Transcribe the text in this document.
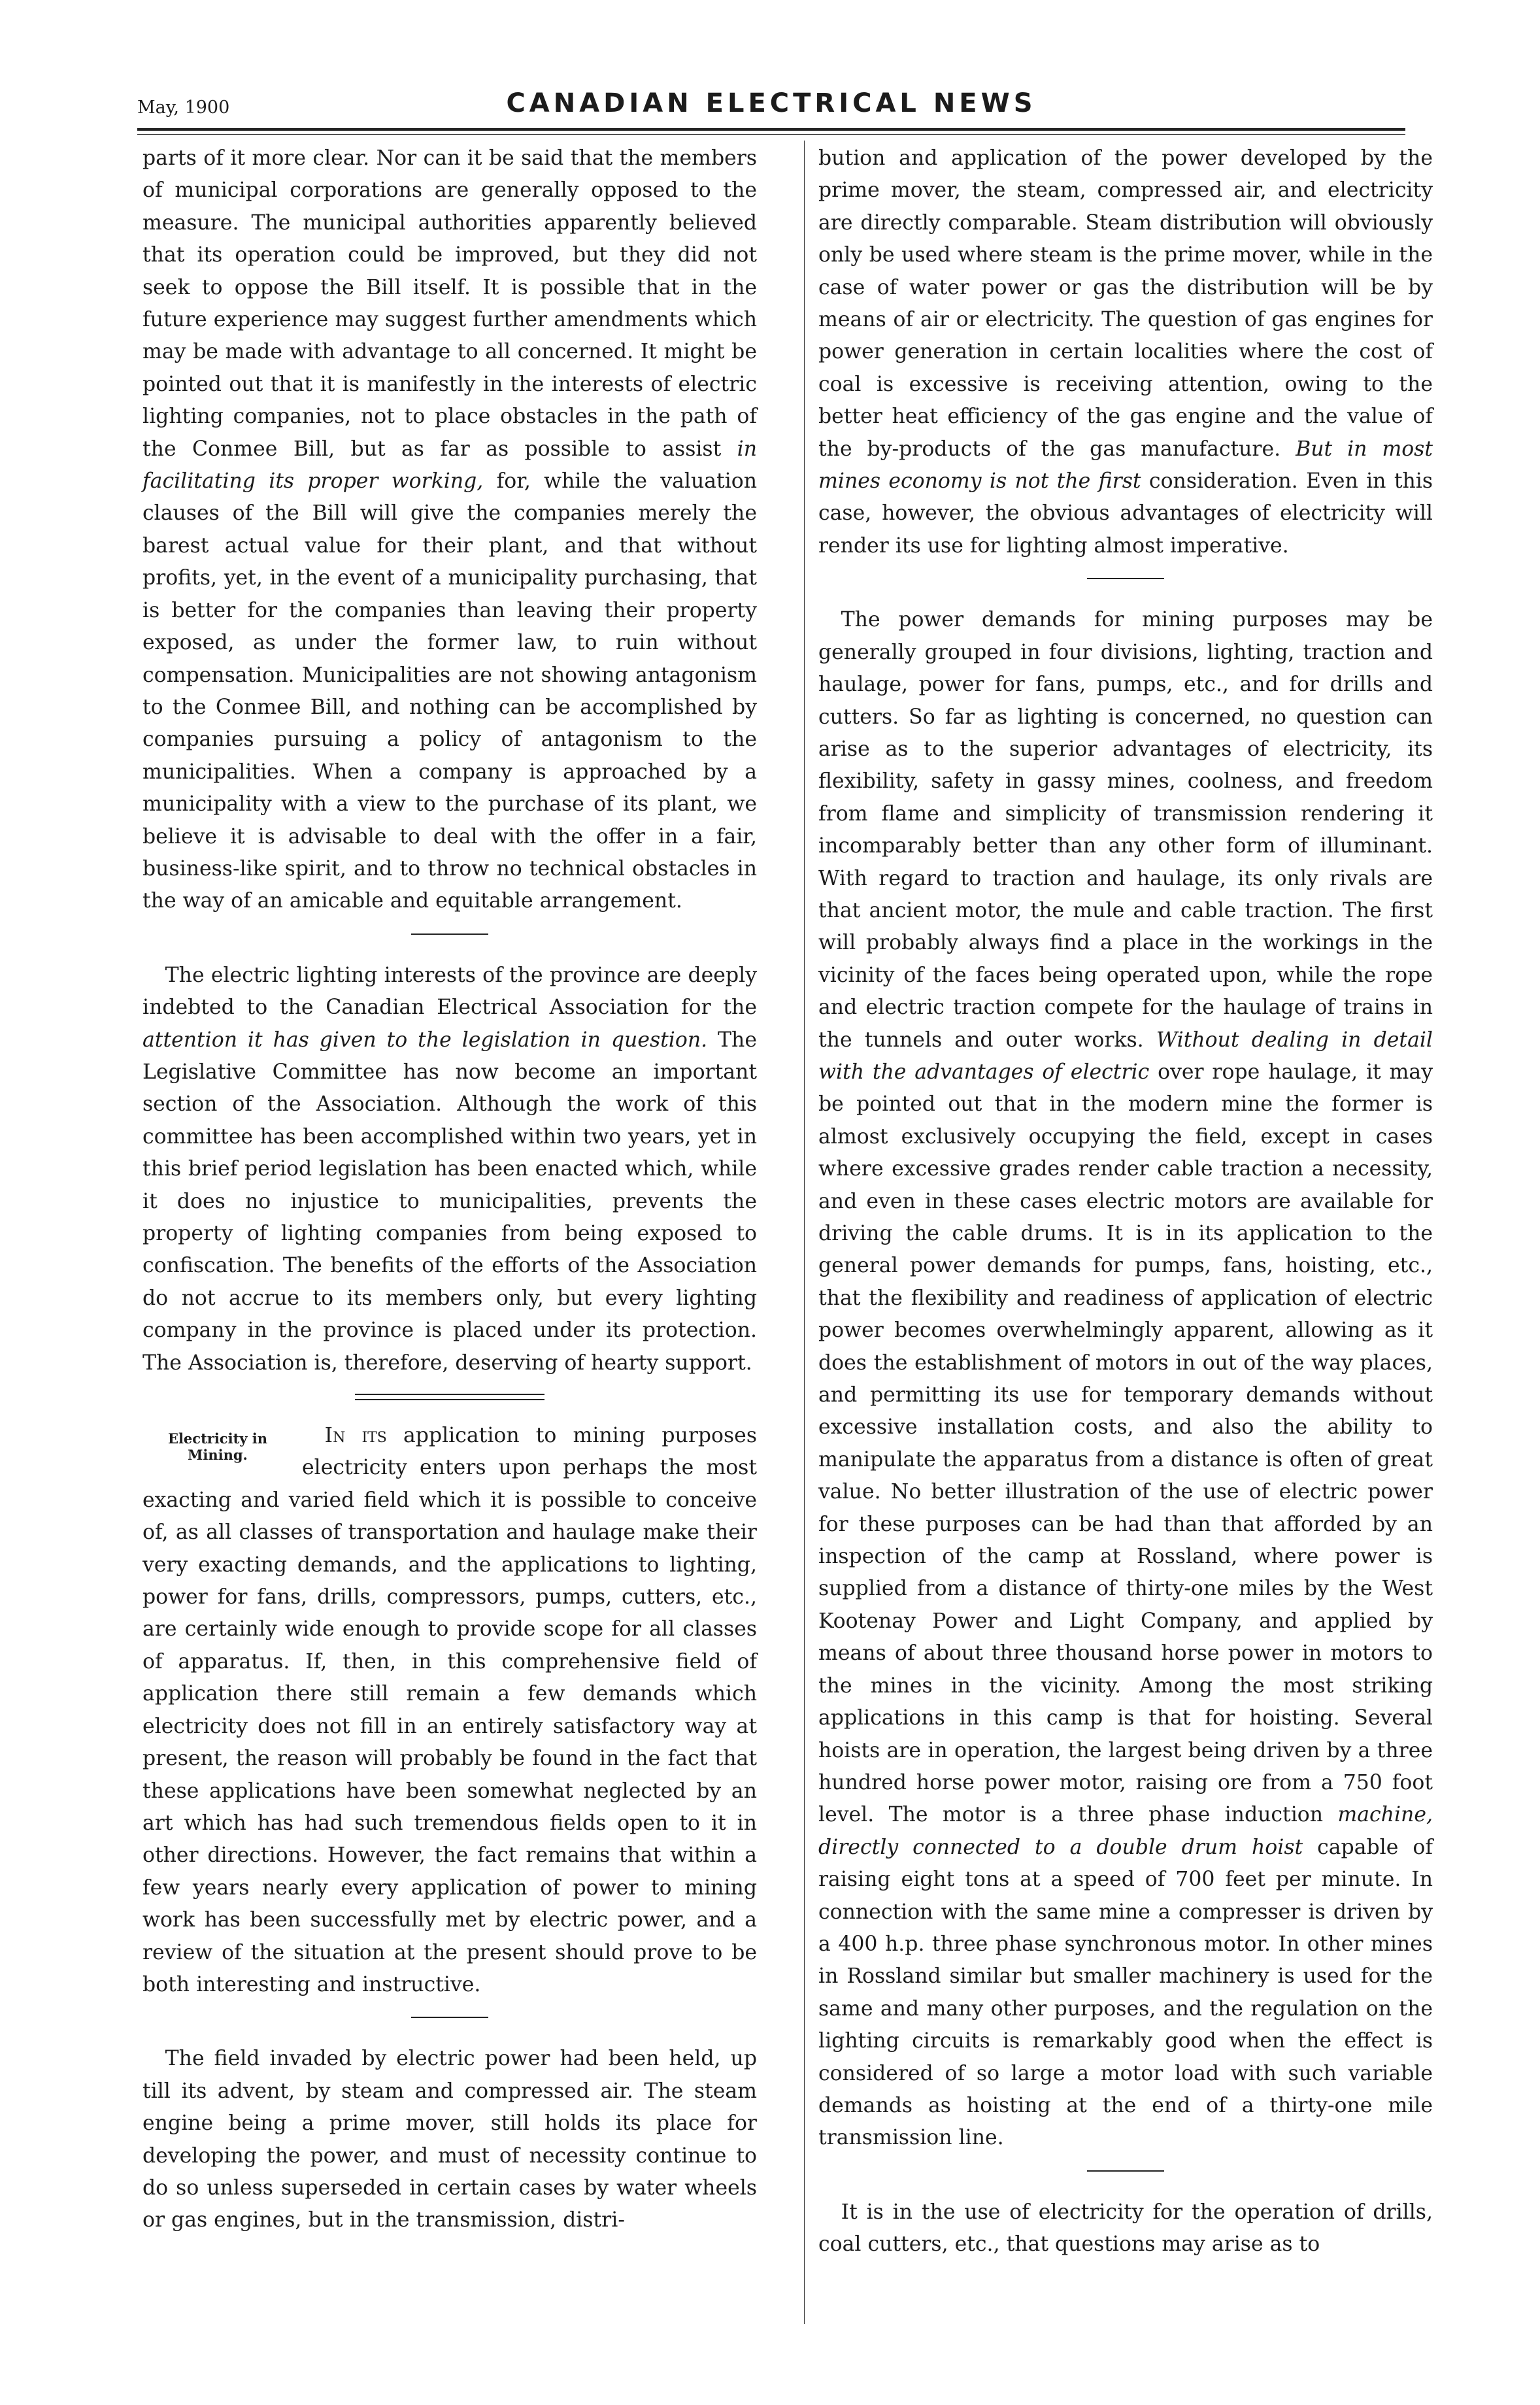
May, 1900	CANADIAN ELECTRICAL NEWS

parts of it more clear. Nor can it be said that the members of municipal corporations are generally opposed to the measure. The municipal authorities apparently believed that its operation could be improved, but they did not seek to oppose the Bill itself. It is possible that in the future experience may suggest further amendments which may be made with advantage to all concerned. It might be pointed out that it is manifestly in the interests of electric lighting companies, not to place obstacles in the path of the Conmee Bill, but as far as possible to assist in facilitating its proper working, for, while the valuation clauses of the Bill will give the companies merely the barest actual value for their plant, and that without profits, yet, in the event of a municipality purchasing, that is better for the companies than leaving their property exposed, as under the former law, to ruin without compensation. Municipalities are not showing antagonism to the Conmee Bill, and nothing can be accomplished by companies pursuing a policy of antagonism to the municipalities. When a company is approached by a municipality with a view to the purchase of its plant, we believe it is advisable to deal with the offer in a fair, business-like spirit, and to throw no technical obstacles in the way of an amicable and equitable arrangement.

The electric lighting interests of the province are deeply indebted to the Canadian Electrical Association for the attention it has given to the legislation in question. The Legislative Committee has now become an important section of the Association. Although the work of this committee has been accomplished within two years, yet in this brief period legislation has been enacted which, while it does no injustice to municipalities, prevents the property of lighting companies from being exposed to confiscation. The benefits of the efforts of the Association do not accrue to its members only, but every lighting company in the province is placed under its protection. The Association is, therefore, deserving of hearty support.

Electricity in Mining.
In its application to mining purposes electricity enters upon perhaps the most exacting and varied field which it is possible to conceive of, as all classes of transportation and haulage make their very exacting demands, and the applications to lighting, power for fans, drills, compressors, pumps, cutters, etc., are certainly wide enough to provide scope for all classes of apparatus. If, then, in this comprehensive field of application there still remain a few demands which electricity does not fill in an entirely satisfactory way at present, the reason will probably be found in the fact that these applications have been somewhat neglected by an art which has had such tremendous fields open to it in other directions. However, the fact remains that within a few years nearly every application of power to mining work has been successfully met by electric power, and a review of the situation at the present should prove to be both interesting and instructive.

The field invaded by electric power had been held, up till its advent, by steam and compressed air. The steam engine being a prime mover, still holds its place for developing the power, and must of necessity continue to do so unless superseded in certain cases by water wheels or gas engines, but in the transmission, distri-

bution and application of the power developed by the prime mover, the steam, compressed air, and electricity are directly comparable. Steam distribution will obviously only be used where steam is the prime mover, while in the case of water power or gas the distribution will be by means of air or electricity. The question of gas engines for power generation in certain localities where the cost of coal is excessive is receiving attention, owing to the better heat efficiency of the gas engine and the value of the by-products of the gas manufacture. But in most mines economy is not the first consideration. Even in this case, however, the obvious advantages of electricity will render its use for lighting almost imperative.

The power demands for mining purposes may be generally grouped in four divisions, lighting, traction and haulage, power for fans, pumps, etc., and for drills and cutters. So far as lighting is concerned, no question can arise as to the superior advantages of electricity, its flexibility, safety in gassy mines, coolness, and freedom from flame and simplicity of transmission rendering it incomparably better than any other form of illuminant. With regard to traction and haulage, its only rivals are that ancient motor, the mule and cable traction. The first will probably always find a place in the workings in the vicinity of the faces being operated upon, while the rope and electric traction compete for the haulage of trains in the tunnels and outer works. Without dealing in detail with the advantages of electric over rope haulage, it may be pointed out that in the modern mine the former is almost exclusively occupying the field, except in cases where excessive grades render cable traction a necessity, and even in these cases electric motors are available for driving the cable drums. It is in its application to the general power demands for pumps, fans, hoisting, etc., that the flexibility and readiness of application of electric power becomes overwhelmingly apparent, allowing as it does the establishment of motors in out of the way places, and permitting its use for temporary demands without excessive installation costs, and also the ability to manipulate the apparatus from a distance is often of great value. No better illustration of the use of electric power for these purposes can be had than that afforded by an inspection of the camp at Rossland, where power is supplied from a distance of thirty-one miles by the West Kootenay Power and Light Company, and applied by means of about three thousand horse power in motors to the mines in the vicinity. Among the most striking applications in this camp is that for hoisting. Several hoists are in operation, the largest being driven by a three hundred horse power motor, raising ore from a 750 foot level. The motor is a three phase induction machine, directly connected to a double drum hoist capable of raising eight tons at a speed of 700 feet per minute. In connection with the same mine a compresser is driven by a 400 h.p. three phase synchronous motor. In other mines in Rossland similar but smaller machinery is used for the same and many other purposes, and the regulation on the lighting circuits is remarkably good when the effect is considered of so large a motor load with such variable demands as hoisting at the end of a thirty-one mile transmission line.

It is in the use of electricity for the operation of drills, coal cutters, etc., that questions may arise as to
